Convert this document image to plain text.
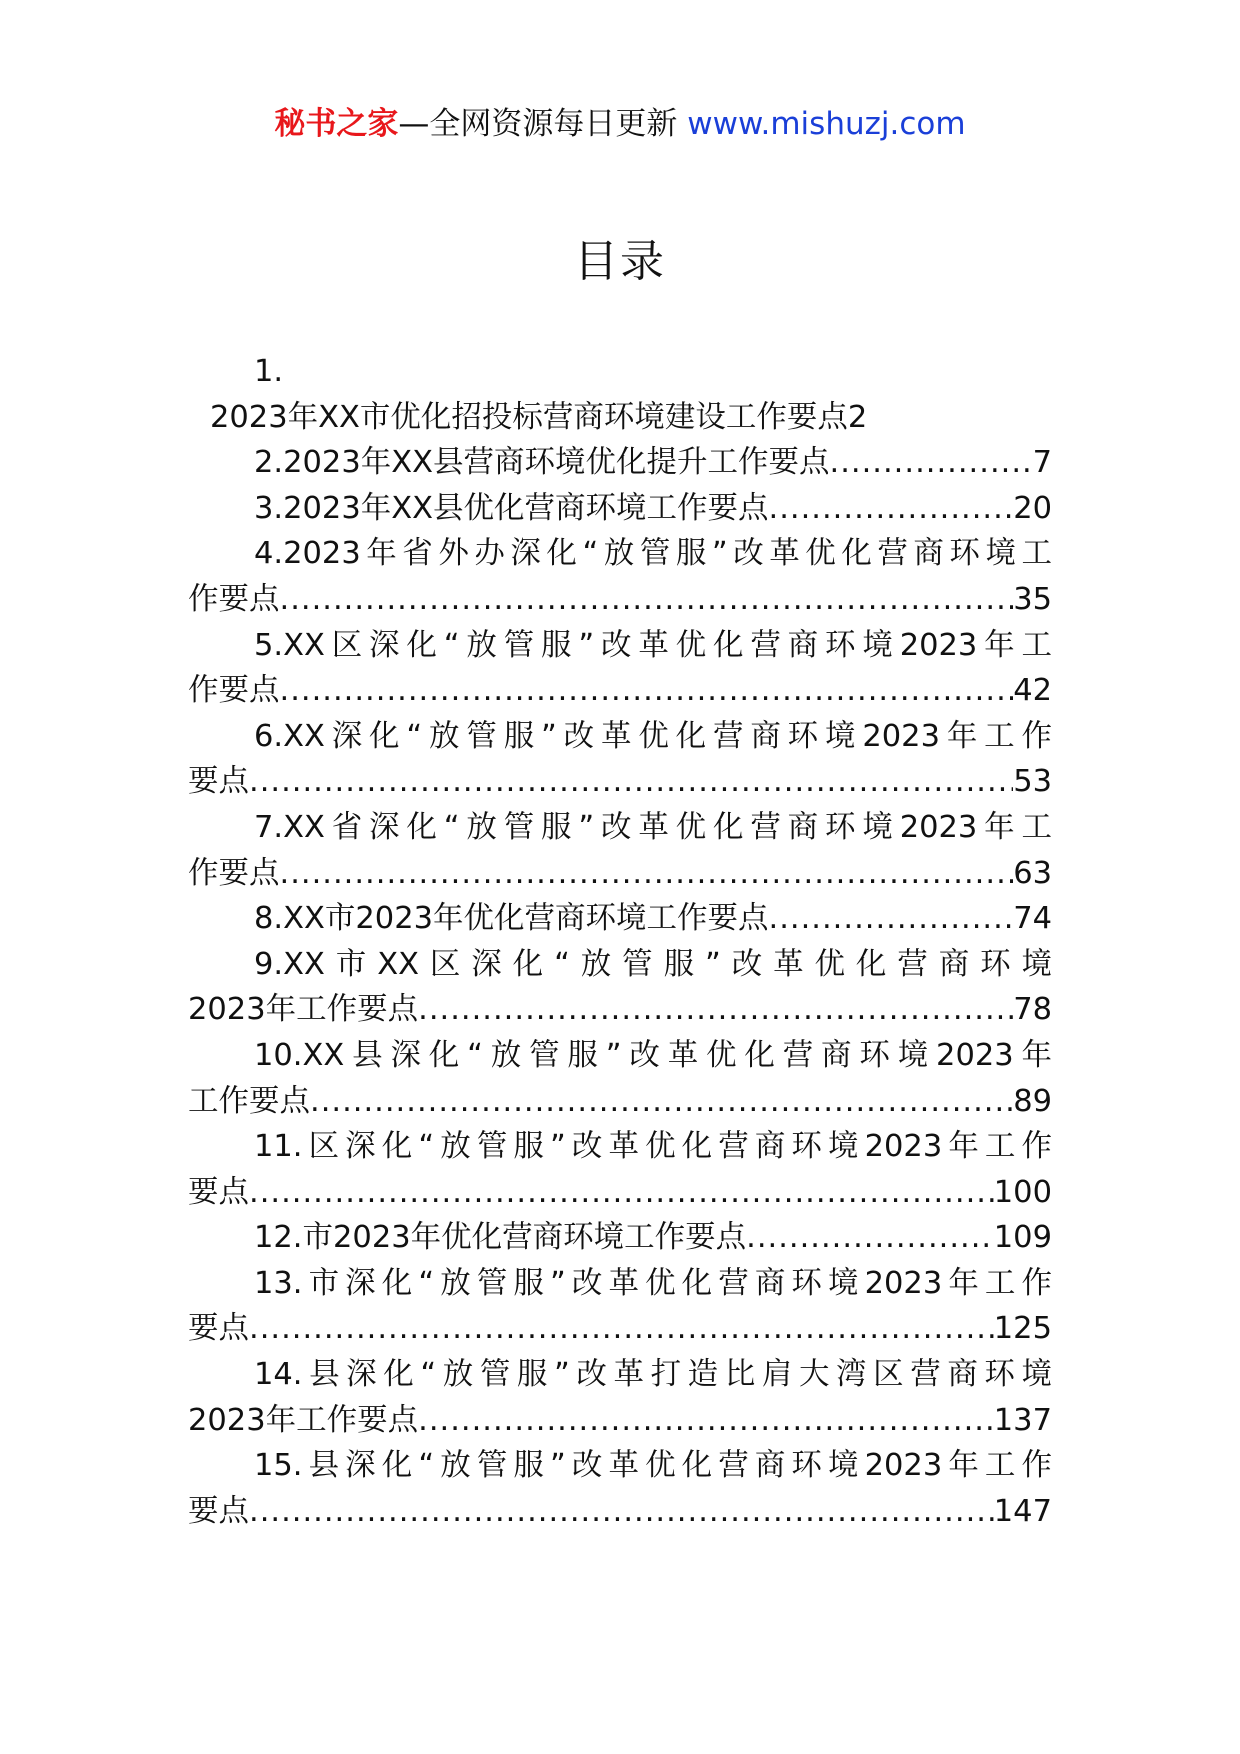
秘书之家—全网资源每日更新 www.mishuzj.com
目录
1.
2023年XX市优化招投标营商环境建设工作要点 2
2.2023年XX县营商环境优化提升工作要点 .....	7
3.2023年XX县优化营商环境工作要点 .....	20
4.2023年省外办深化“放管服”改革优化营商环境工
作要点 .....	35
5.XX区深化“放管服”改革优化营商环境2023年工
作要点 .....	42
6.XX深化“放管服”改革优化营商环境2023年工作
要点 .....	53
7.XX省深化“放管服”改革优化营商环境2023年工
作要点 .....	63
8.XX市2023年优化营商环境工作要点 .....	74
9.XX市XX区深化“放管服”改革优化营商环境
2023年工作要点 .....	78
10.XX县深化“放管服”改革优化营商环境2023年
工作要点 .....	89
11.区深化“放管服”改革优化营商环境2023年工作
要点 .....	100
12.市2023年优化营商环境工作要点 .....	109
13.市深化“放管服”改革优化营商环境2023年工作
要点 .....	125
14.县深化“放管服”改革打造比肩大湾区营商环境
2023年工作要点 .....	137
15.县深化“放管服”改革优化营商环境2023年工作
要点 .....	147
